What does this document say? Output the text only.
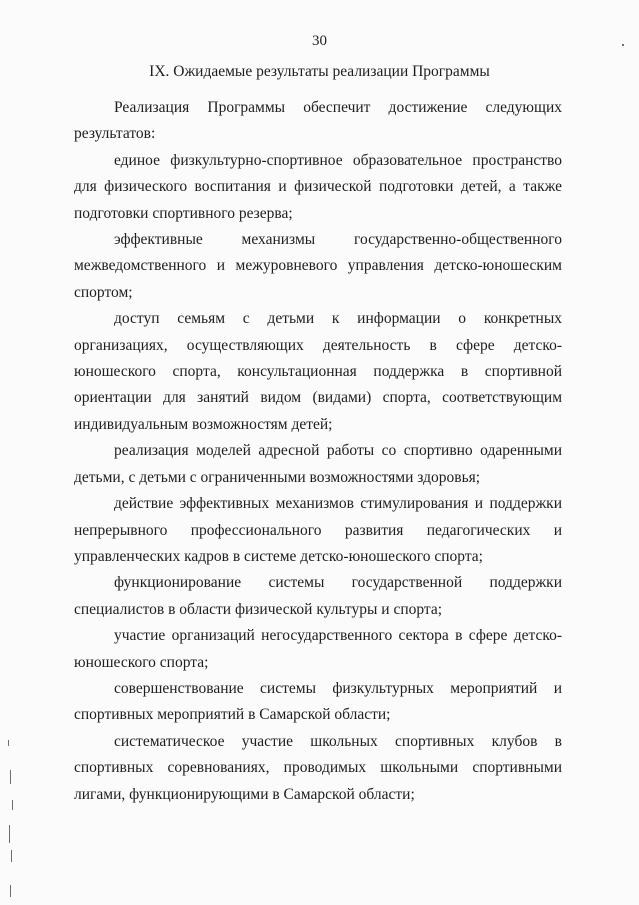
30
IX. Ожидаемые результаты реализации Программы

Реализация Программы обеспечит достижение следующих результатов:

единое физкультурно-спортивное образовательное пространство для физического воспитания и физической подготовки детей, а также подготовки спортивного резерва;

эффективные механизмы государственно-общественного межведомственного и межуровневого управления детско-юношеским спортом;

доступ семьям с детьми к информации о конкретных организациях, осуществляющих деятельность в сфере детско-юношеского спорта, консультационная поддержка в спортивной ориентации для занятий видом (видами) спорта, соответствующим индивидуальным возможностям детей;

реализация моделей адресной работы со спортивно одаренными детьми, с детьми с ограниченными возможностями здоровья;

действие эффективных механизмов стимулирования и поддержки непрерывного профессионального развития педагогических и управленческих кадров в системе детско-юношеского спорта;

функционирование системы государственной поддержки специалистов в области физической культуры и спорта;

участие организаций негосударственного сектора в сфере детско-юношеского спорта;

совершенствование системы физкультурных мероприятий и спортивных мероприятий в Самарской области;

систематическое участие школьных спортивных клубов в спортивных соревнованиях, проводимых школьными спортивными лигами, функционирующими в Самарской области;
